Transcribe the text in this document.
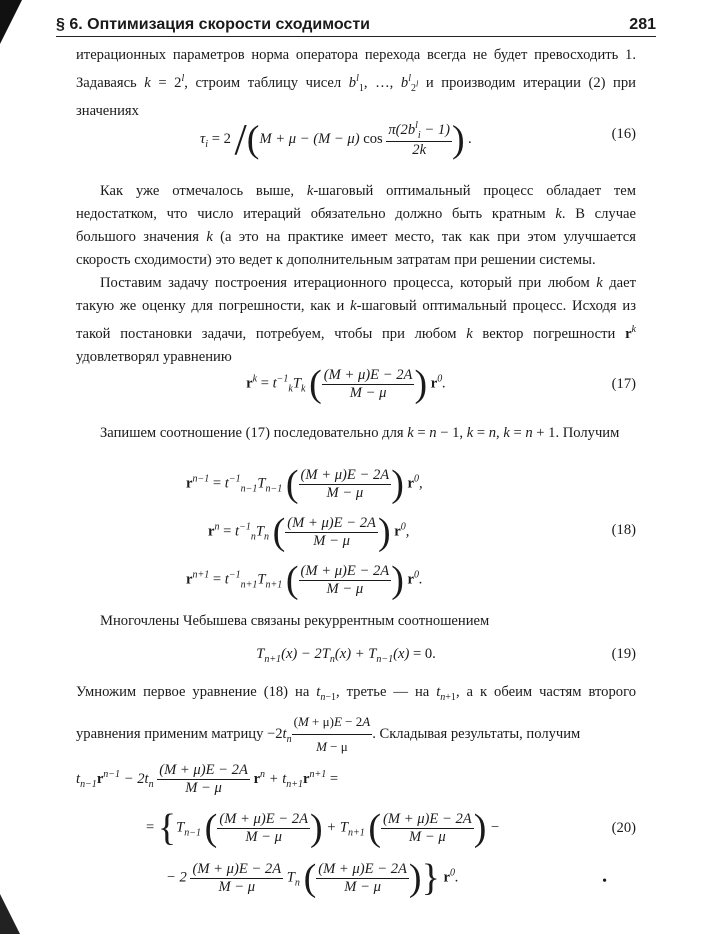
§ 6. Оптимизация скорости сходимости	281

итерационных параметров норма оператора перехода всегда не будет превосходить 1. Задаваясь $k = 2^l$, строим таблицу чисел $b^l_1$, …, $b^l_{2^l}$ и производим итерации (2) при значениях

$\tau_i = 2$ /(M + μ − (M − μ) $\cos \frac{\pi(2b^l_i - 1)}{2k}$ ) .	(16)

Как уже отмечалось выше, k-шаговый оптимальный процесс обладает тем недостатком, что число итераций обязательно должно быть кратным k. В случае большого значения k (а это на практике имеет место, так как при этом улучшается скорость сходимости) это ведет к дополнительным затратам при решении системы.

Поставим задачу построения итерационного процесса, который при любом k дает такую же оценку для погрешности, как и k-шаговый оптимальный процесс. Исходя из такой постановки задачи, потребуем, чтобы при любом k вектор погрешности $r^k$ удовлетворял уравнению

$r^k = t^{-1}_kT_k$ ( $\frac{(M + \mu)E - 2A}{M - \mu}$ ) $r^0$.	(17)

Запишем соотношение (17) последовательно для k = n − 1, k = n, k = n + 1. Получим

$r^{n-1} = t^{-1}_{n-1}T_{n-1}$ ( $\frac{(M + \mu)E - 2A}{M - \mu}$ ) $r^0$,
$r^n = t^{-1}_nT_n$ ( $\frac{(M + \mu)E - 2A}{M - \mu}$ ) $r^0$,
$r^{n+1} = t^{-1}_{n+1}T_{n+1}$ ( $\frac{(M + \mu)E - 2A}{M - \mu}$ ) $r^0$.
(18)

Многочлены Чебышева связаны рекуррентным соотношением

$T_{n+1}(x) - 2T_n(x) + T_{n-1}(x) = 0$.	(19)

Умножим первое уравнение (18) на $t_{n-1}$, третье — на $t_{n+1}$, а к обеим частям второго уравнения применим матрицу $-2t_n \frac{(M + \mu)E - 2A}{M - \mu}$ . Складывая результаты, получим

$t_{n-1}r^{n-1} - 2t_n \frac{(M + \mu)E - 2A}{M - \mu} r^n + t_{n+1}r^{n+1}$ =
= {$T_{n-1}$ ( $\frac{(M + \mu)E - 2A}{M - \mu}$ ) + $T_{n+1}$ ( $\frac{(M + \mu)E - 2A}{M - \mu}$ ) −
− $2 \frac{(M + \mu)E - 2A}{M - \mu} T_n$ ( $\frac{(M + \mu)E - 2A}{M - \mu}$ )} $r^0$.
(20)
•
